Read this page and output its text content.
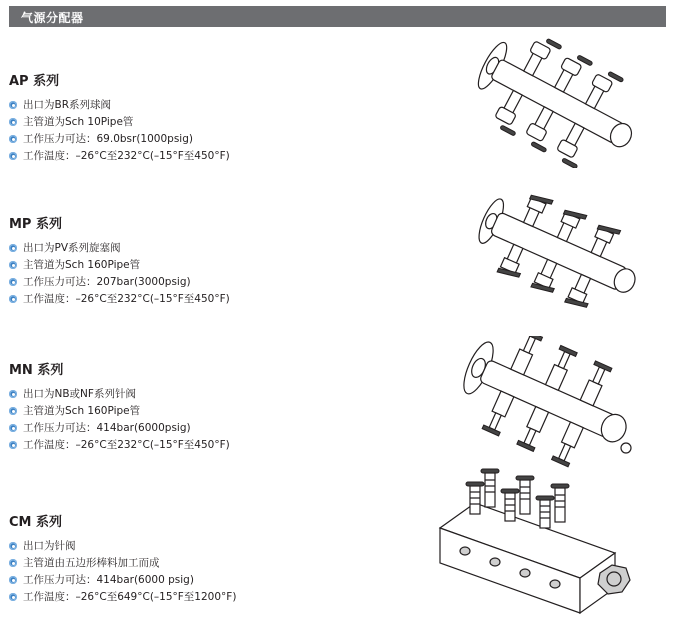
气源分配器
AP 系列
出口为BR系列球阀
主管道为Sch 10Pipe管
工作压力可达：69.0bsr(1000psig)
工作温度：–26°C至232°C(–15°F至450°F)
MP 系列
出口为PV系列旋塞阀
主管道为Sch 160Pipe管
工作压力可达：207bar(3000psig)
工作温度：–26°C至232°C(–15°F至450°F)
MN 系列
出口为NB或NF系列针阀
主管道为Sch 160Pipe管
工作压力可达：414bar(6000psig)
工作温度：–26°C至232°C(–15°F至450°F)
CM 系列
出口为针阀
主管道由五边形棒料加工而成
工作压力可达：414bar(6000 psig)
工作温度：–26°C至649°C(–15°F至1200°F)
